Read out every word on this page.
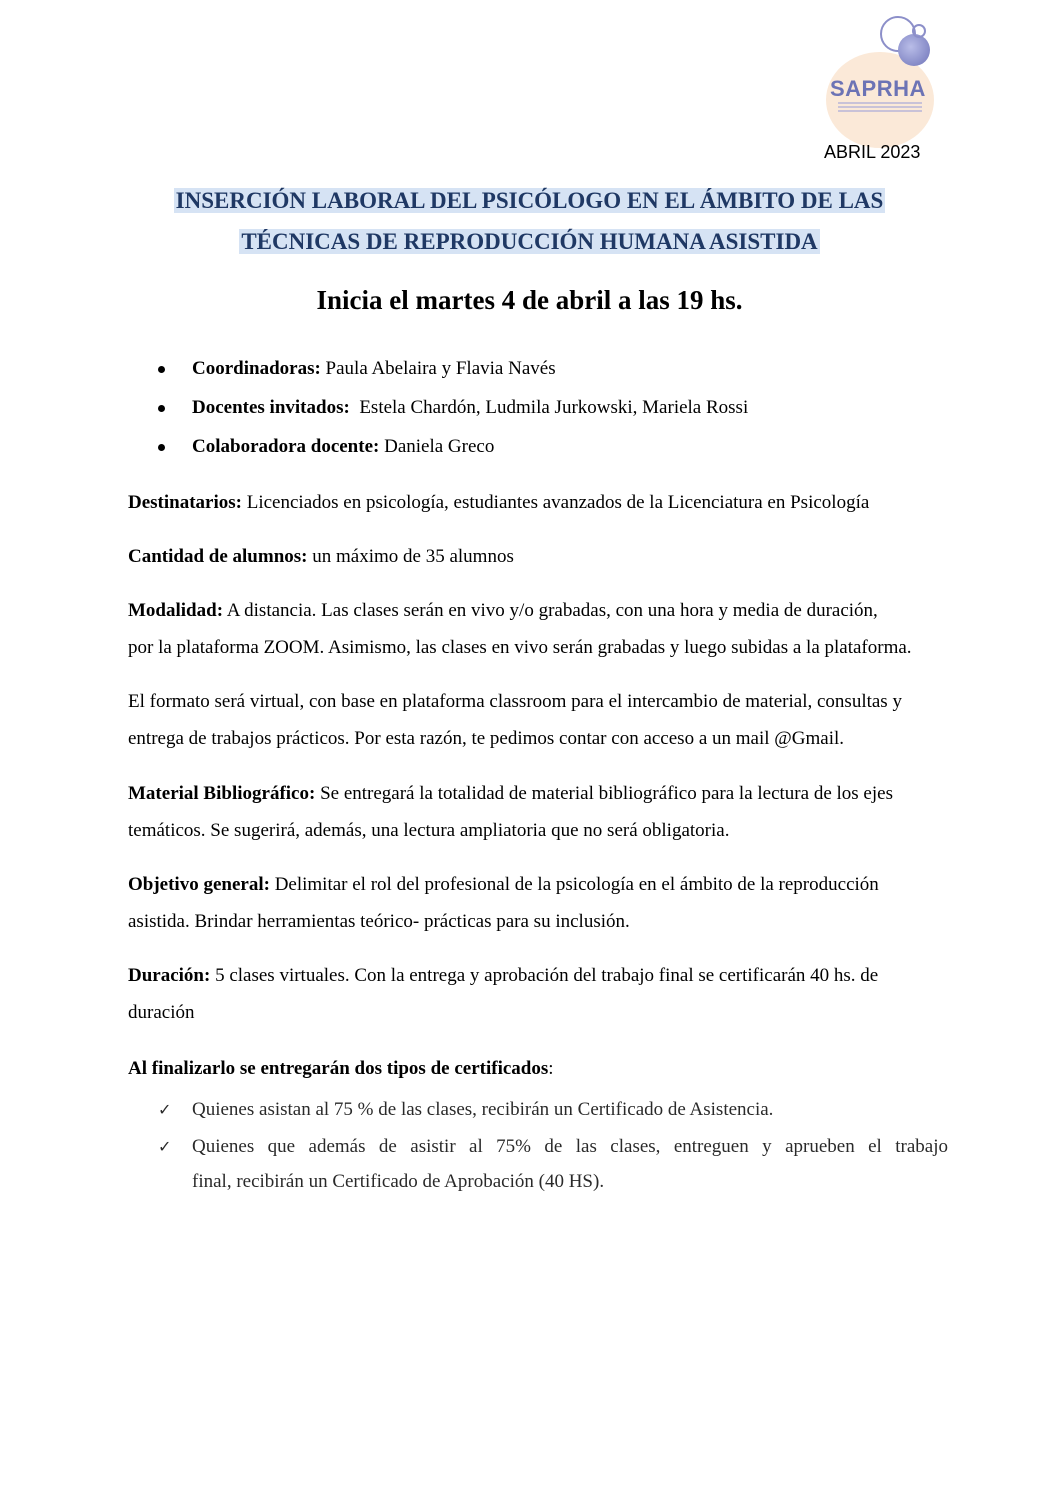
SAPRHA
ABRIL 2023
INSERCIÓN LABORAL DEL PSICÓLOGO EN EL ÁMBITO DE LAS
TÉCNICAS DE REPRODUCCIÓN HUMANA ASISTIDA
Inicia el martes 4 de abril a las 19 hs.
Coordinadoras: Paula Abelaira y Flavia Navés
Docentes invitados:  Estela Chardón, Ludmila Jurkowski, Mariela Rossi
Colaboradora docente: Daniela Greco
Destinatarios: Licenciados en psicología, estudiantes avanzados de la Licenciatura en Psicología
Cantidad de alumnos: un máximo de 35 alumnos
Modalidad: A distancia. Las clases serán en vivo y/o grabadas, con una hora y media de duración,
por la plataforma ZOOM. Asimismo, las clases en vivo serán grabadas y luego subidas a la plataforma.
El formato será virtual, con base en plataforma classroom para el intercambio de material, consultas y
entrega de trabajos prácticos. Por esta razón, te pedimos contar con acceso a un mail @Gmail.
Material Bibliográfico: Se entregará la totalidad de material bibliográfico para la lectura de los ejes
temáticos. Se sugerirá, además, una lectura ampliatoria que no será obligatoria.
Objetivo general: Delimitar el rol del profesional de la psicología en el ámbito de la reproducción
asistida. Brindar herramientas teórico- prácticas para su inclusión.
Duración: 5 clases virtuales. Con la entrega y aprobación del trabajo final se certificarán 40 hs. de
duración
Al finalizarlo se entregarán dos tipos de certificados:
✓ Quienes asistan al 75 % de las clases, recibirán un Certificado de Asistencia.
✓ Quienes que además de asistir al 75% de las clases, entreguen y aprueben el trabajo
final, recibirán un Certificado de Aprobación (40 HS).
